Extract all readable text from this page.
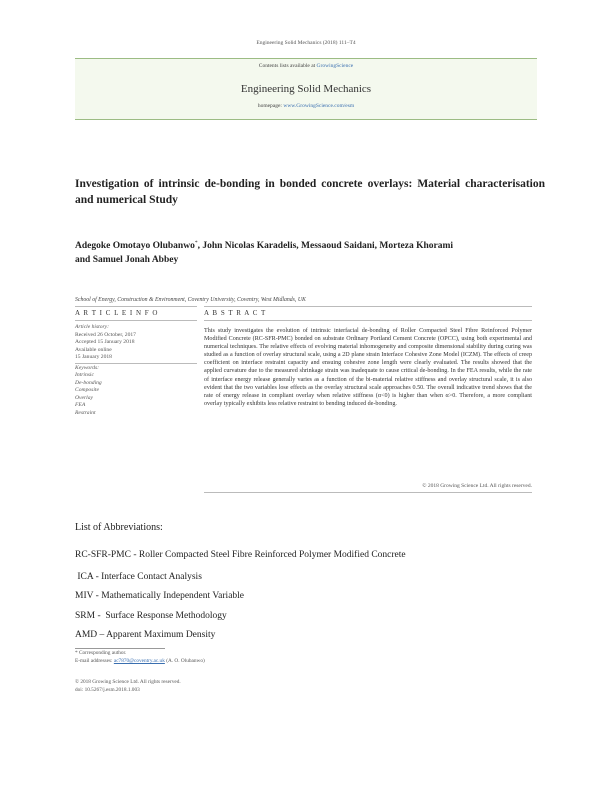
Engineering Solid Mechanics (2018) 111–T4
Contents lists available at GrowingScience
Engineering Solid Mechanics
homepage: www.GrowingScience.com/esm
Investigation of intrinsic de-bonding in bonded concrete overlays: Material characterisation and numerical Study
Adegoke Omotayo Olubanwo*, John Nicolas Karadelis, Messaoud Saidani, Morteza Khorami
and Samuel Jonah Abbey
School of Energy, Construction & Environment, Coventry University, Coventry, West Midlands, UK
A R T I C L E I N F O	A B S T R A C T

Article history:

Received 26 October, 2017

Accepted 15 January 2018

Available online

15 January 2018

Keywords:

Intrinsic

De-bonding

Composite

Overlay

FEA

Restraint

This study investigates the evolution of intrinsic interfacial de-bonding of Roller Compacted Steel Fibre Reinforced Polymer Modified Concrete (RC-SFR-PMC) bonded on substrate Ordinary Portland Cement Concrete (OPCC), using both experimental and numerical techniques. The relative effects of evolving material inhomogeneity and composite dimensional stability during curing was studied as a function of overlay structural scale, using a 2D plane strain Interface Cohesive Zone Model (ICZM). The effects of creep coefficient on interface restraint capacity and ensuing cohesive zone length were clearly evaluated. The results showed that the applied curvature due to the measured shrinkage strain was inadequate to cause critical de-bonding. In the FEA results, while the rate of interface energy release generally varies as a function of the bi-material relative stiffness and overlay structural scale, it is also evident that the two variables lose effects as the overlay structural scale approaches 0.50. The overall indicative trend shows that the rate of energy release in compliant overlay when relative stiffness (α<0) is higher than when α>0. Therefore, a more compliant overlay typically exhibits less relative restraint to bending induced de-bonding.

© 2018 Growing Science Ltd. All rights reserved.
List of Abbreviations:
RC-SFR-PMC - Roller Compacted Steel Fibre Reinforced Polymer Modified Concrete
ICA - Interface Contact Analysis
MIV - Mathematically Independent Variable
SRM -  Surface Response Methodology
AMD – Apparent Maximum Density
* Corresponding author.
E-mail addresses: ac7870@coventry.ac.uk (A. O. Olubanwo)
© 2018 Growing Science Ltd. All rights reserved.
doi: 10.5267/j.esm.2018.1.003
